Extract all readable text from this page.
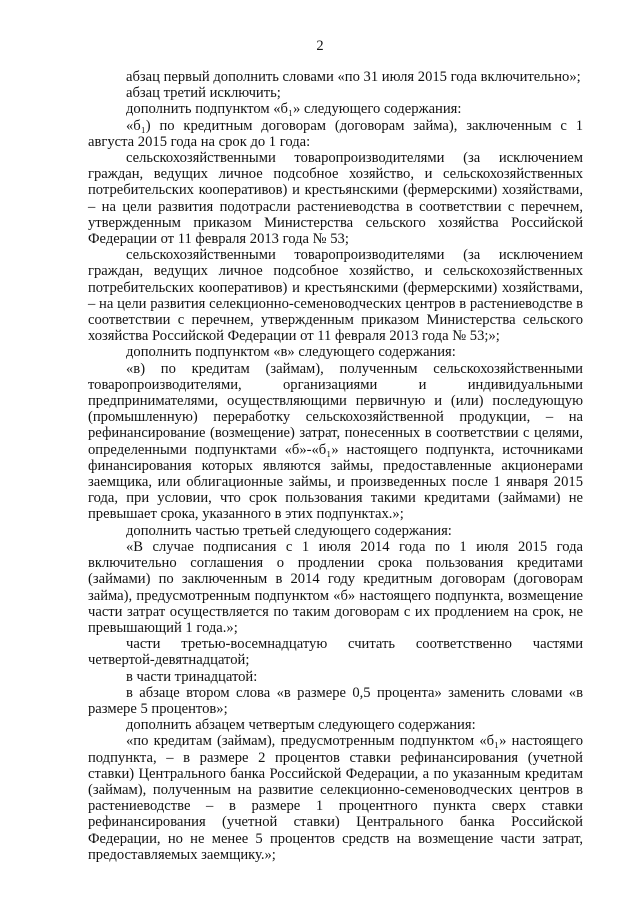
2

абзац первый дополнить словами «по 31 июля 2015 года включительно»;

абзац третий исключить;

дополнить подпунктом «б₁» следующего содержания:

«б₁) по кредитным договорам (договорам займа), заключенным с 1 августа 2015 года на срок до 1 года:

сельскохозяйственными товаропроизводителями (за исключением граждан, ведущих личное подсобное хозяйство, и сельскохозяйственных потребительских кооперативов) и крестьянскими (фермерскими) хозяйствами, – на цели развития подотрасли растениеводства в соответствии с перечнем, утвержденным приказом Министерства сельского хозяйства Российской Федерации от 11 февраля 2013 года № 53;

сельскохозяйственными товаропроизводителями (за исключением граждан, ведущих личное подсобное хозяйство, и сельскохозяйственных потребительских кооперативов) и крестьянскими (фермерскими) хозяйствами, – на цели развития селекционно-семеноводческих центров в растениеводстве в соответствии с перечнем, утвержденным приказом Министерства сельского хозяйства Российской Федерации от 11 февраля 2013 года № 53;»;

дополнить подпунктом «в» следующего содержания:

«в) по кредитам (займам), полученным сельскохозяйственными товаропроизводителями, организациями и индивидуальными предпринимателями, осуществляющими первичную и (или) последующую (промышленную) переработку сельскохозяйственной продукции, – на рефинансирование (возмещение) затрат, понесенных в соответствии с целями, определенными подпунктами «б»-«б₁» настоящего подпункта, источниками финансирования которых являются займы, предоставленные акционерами заемщика, или облигационные займы, и произведенных после 1 января 2015 года, при условии, что срок пользования такими кредитами (займами) не превышает срока, указанного в этих подпунктах.»;

дополнить частью третьей следующего содержания:

«В случае подписания с 1 июля 2014 года по 1 июля 2015 года включительно соглашения о продлении срока пользования кредитами (займами) по заключенным в 2014 году кредитным договорам (договорам займа), предусмотренным подпунктом «б» настоящего подпункта, возмещение части затрат осуществляется по таким договорам с их продлением на срок, не превышающий 1 года.»;

части третью-восемнадцатую считать соответственно частями четвертой-девятнадцатой;

в части тринадцатой:

в абзаце втором слова «в размере 0,5 процента» заменить словами «в размере 5 процентов»;

дополнить абзацем четвертым следующего содержания:

«по кредитам (займам), предусмотренным подпунктом «б₁» настоящего подпункта, – в размере 2 процентов ставки рефинансирования (учетной ставки) Центрального банка Российской Федерации, а по указанным кредитам (займам), полученным на развитие селекционно-семеноводческих центров в растениеводстве – в размере 1 процентного пункта сверх ставки рефинансирования (учетной ставки) Центрального банка Российской Федерации, но не менее 5 процентов средств на возмещение части затрат, предоставляемых заемщику.»;
